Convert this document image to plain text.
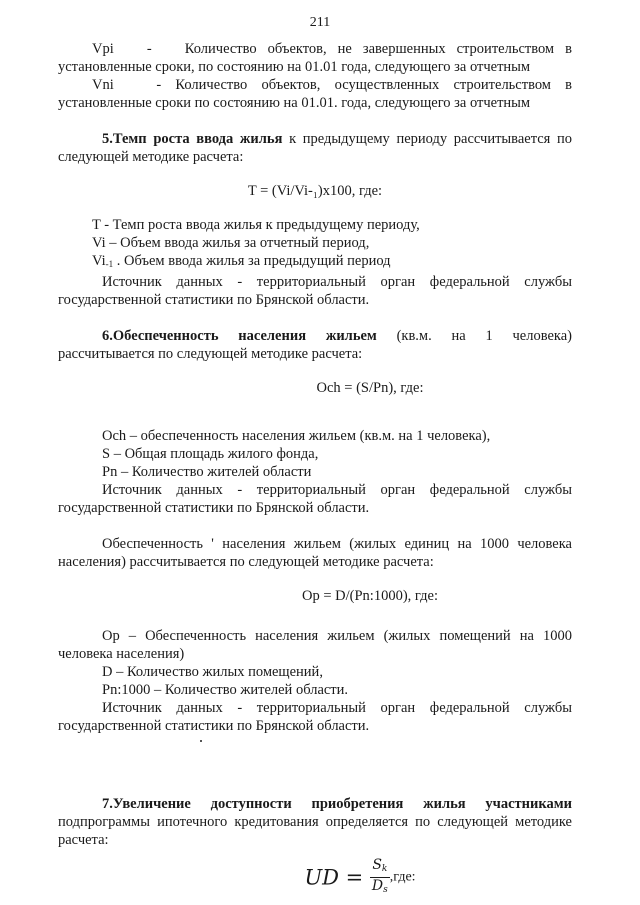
211

Vpi - Количество объектов, не завершенных строительством в установленные сроки, по состоянию на 01.01 года, следующего за отчетным

Vni	- Количество объектов, осуществленных строительством в установленные сроки по состоянию на 01.01. года, следующего за отчетным

5.Темп роста ввода жилья к предыдущему периоду рассчитывается по следующей методике расчета:

T = (Vi/Vi-₁)x100, где:

T - Темп роста ввода жилья к предыдущему периоду,

Vi – Объем ввода жилья за отчетный период,

$Vi_{-1}$ . Объем ввода жилья за предыдущий период

Источник данных - территориальный орган федеральной службы государственной статистики по Брянской области.

6.Обеспеченность населения жильем (кв.м. на 1 человека) рассчитывается по следующей методике расчета:

Och = (S/Pn), где:

Och – обеспеченность населения жильем (кв.м. на 1 человека),

S – Общая площадь жилого фонда,

Pn – Количество жителей области

Источник данных - территориальный орган федеральной службы государственной статистики по Брянской области.

Обеспеченность ' населения жильем (жилых единиц на 1000 человека населения) рассчитывается по следующей методике расчета:

Op = D/(Pn:1000), где:

Op – Обеспеченность населения жильем (жилых помещений на 1000 человека населения)

D – Количество жилых помещений,

Pn:1000 – Количество жителей области.

Источник данных - территориальный орган федеральной службы государственной статистики по Брянской области.

7.Увеличение доступности приобретения жилья участниками подпрограммы ипотечного кредитования определяется по следующей методике расчета:

UD = $\frac{S_k}{D_s} ,где$:
